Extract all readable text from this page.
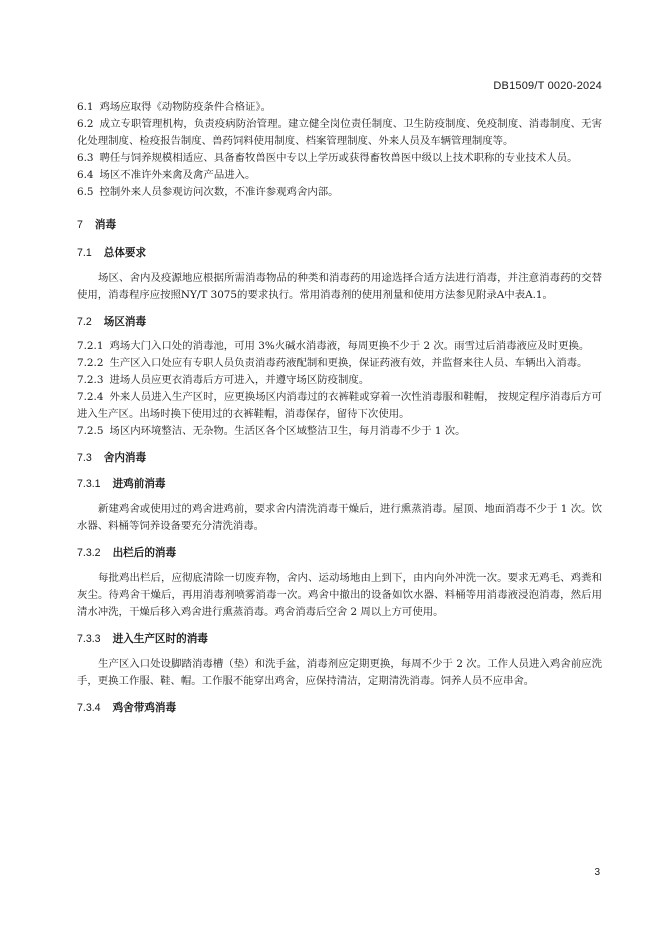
DB1509/T 0020-2024

6.1 鸡场应取得《动物防疫条件合格证》。

6.2 成立专职管理机构，负责疫病防治管理。建立健全岗位责任制度、卫生防疫制度、免疫制度、消毒制度、无害化处理制度、检疫报告制度、兽药饲料使用制度、档案管理制度、外来人员及车辆管理制度等。

6.3 聘任与饲养规模相适应、具备畜牧兽医中专以上学历或获得畜牧兽医中级以上技术职称的专业技术人员。

6.4 场区不准许外来禽及禽产品进入。

6.5 控制外来人员参观访问次数，不准许参观鸡舍内部。

7 消毒

7.1 总体要求

场区、舍内及疫源地应根据所需消毒物品的种类和消毒药的用途选择合适方法进行消毒，并注意消毒药的交替使用，消毒程序应按照NY/T 3075的要求执行。常用消毒剂的使用剂量和使用方法参见附录A中表A.1。

7.2 场区消毒

7.2.1 鸡场大门入口处的消毒池，可用 3%火碱水消毒液，每周更换不少于 2 次。雨雪过后消毒液应及时更换。

7.2.2 生产区入口处应有专职人员负责消毒药液配制和更换，保证药液有效，并监督来往人员、车辆出入消毒。

7.2.3 进场人员应更衣消毒后方可进入，并遵守场区防疫制度。

7.2.4 外来人员进入生产区时，应更换场区内消毒过的衣裤鞋或穿着一次性消毒服和鞋帽， 按规定程序消毒后方可进入生产区。出场时换下使用过的衣裤鞋帽，消毒保存，留待下次使用。

7.2.5 场区内环境整洁、无杂物。生活区各个区域整洁卫生，每月消毒不少于 1 次。

7.3 舍内消毒

7.3.1 进鸡前消毒

新建鸡舍或使用过的鸡舍进鸡前，要求舍内清洗消毒干燥后，进行熏蒸消毒。屋顶、地面消毒不少于 1 次。饮水器、料桶等饲养设备要充分清洗消毒。

7.3.2 出栏后的消毒

每批鸡出栏后，应彻底清除一切废弃物，舍内、运动场地由上到下，由内向外冲洗一次。要求无鸡毛、鸡粪和灰尘。待鸡舍干燥后，再用消毒剂喷雾消毒一次。鸡舍中撤出的设备如饮水器、料桶等用消毒液浸泡消毒，然后用清水冲洗，干燥后移入鸡舍进行熏蒸消毒。鸡舍消毒后空舍 2 周以上方可使用。

7.3.3 进入生产区时的消毒

生产区入口处设脚踏消毒槽（垫）和洗手盆，消毒剂应定期更换，每周不少于 2 次。工作人员进入鸡舍前应洗手，更换工作服、鞋、帽。工作服不能穿出鸡舍，应保持清洁，定期清洗消毒。饲养人员不应串舍。

7.3.4 鸡舍带鸡消毒

3
